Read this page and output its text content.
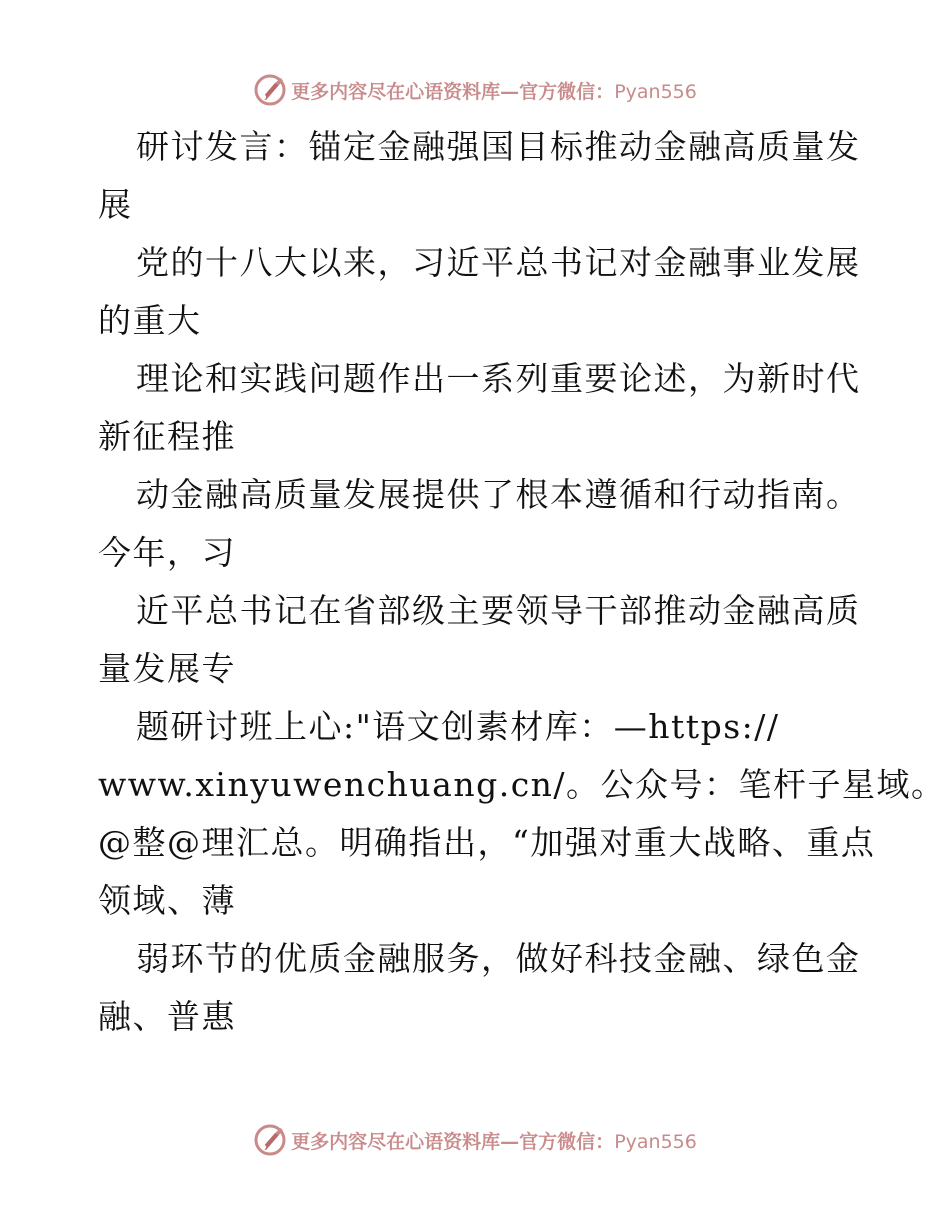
更多内容尽在心语资料库—官方微信：Pyan556
研讨发言：锚定金融强国目标推动金融高质量发
展
党的十八大以来，习近平总书记对金融事业发展
的重大
理论和实践问题作出一系列重要论述，为新时代
新征程推
动金融高质量发展提供了根本遵循和行动指南。
今年，习
近平总书记在省部级主要领导干部推动金融高质
量发展专
题研讨班上心:"语文创素材库：—https://
www.xinyuwenchuang.cn/。公众号：笔杆子星域。
@整@理汇总。明确指出，“加强对重大战略、重点
领域、薄
弱环节的优质金融服务，做好科技金融、绿色金
融、普惠
更多内容尽在心语资料库—官方微信：Pyan556
